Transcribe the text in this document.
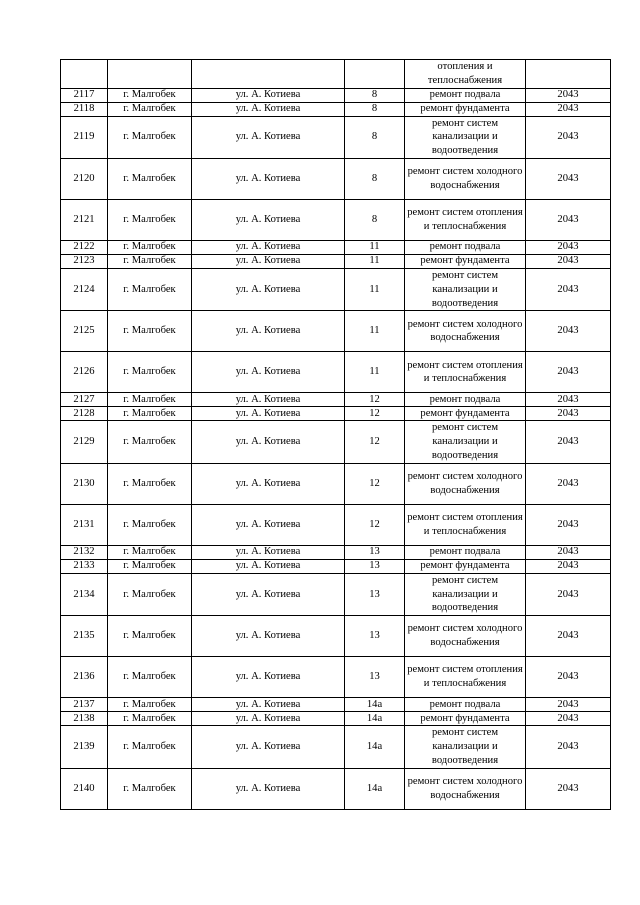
				отопления и теплоснабжения	
2117	г. Малгобек	ул. А. Котиева	8	ремонт подвала	2043
2118	г. Малгобек	ул. А. Котиева	8	ремонт фундамента	2043
2119	г. Малгобек	ул. А. Котиева	8	ремонт систем канализации и водоотведения	2043
2120	г. Малгобек	ул. А. Котиева	8	ремонт систем холодного водоснабжения	2043
2121	г. Малгобек	ул. А. Котиева	8	ремонт систем отопления и теплоснабжения	2043
2122	г. Малгобек	ул. А. Котиева	11	ремонт подвала	2043
2123	г. Малгобек	ул. А. Котиева	11	ремонт фундамента	2043
2124	г. Малгобек	ул. А. Котиева	11	ремонт систем канализации и водоотведения	2043
2125	г. Малгобек	ул. А. Котиева	11	ремонт систем холодного водоснабжения	2043
2126	г. Малгобек	ул. А. Котиева	11	ремонт систем отопления и теплоснабжения	2043
2127	г. Малгобек	ул. А. Котиева	12	ремонт подвала	2043
2128	г. Малгобек	ул. А. Котиева	12	ремонт фундамента	2043
2129	г. Малгобек	ул. А. Котиева	12	ремонт систем канализации и водоотведения	2043
2130	г. Малгобек	ул. А. Котиева	12	ремонт систем холодного водоснабжения	2043
2131	г. Малгобек	ул. А. Котиева	12	ремонт систем отопления и теплоснабжения	2043
2132	г. Малгобек	ул. А. Котиева	13	ремонт подвала	2043
2133	г. Малгобек	ул. А. Котиева	13	ремонт фундамента	2043
2134	г. Малгобек	ул. А. Котиева	13	ремонт систем канализации и водоотведения	2043
2135	г. Малгобек	ул. А. Котиева	13	ремонт систем холодного водоснабжения	2043
2136	г. Малгобек	ул. А. Котиева	13	ремонт систем отопления и теплоснабжения	2043
2137	г. Малгобек	ул. А. Котиева	14а	ремонт подвала	2043
2138	г. Малгобек	ул. А. Котиева	14а	ремонт фундамента	2043
2139	г. Малгобек	ул. А. Котиева	14а	ремонт систем канализации и водоотведения	2043
2140	г. Малгобек	ул. А. Котиева	14а	ремонт систем холодного водоснабжения	2043
